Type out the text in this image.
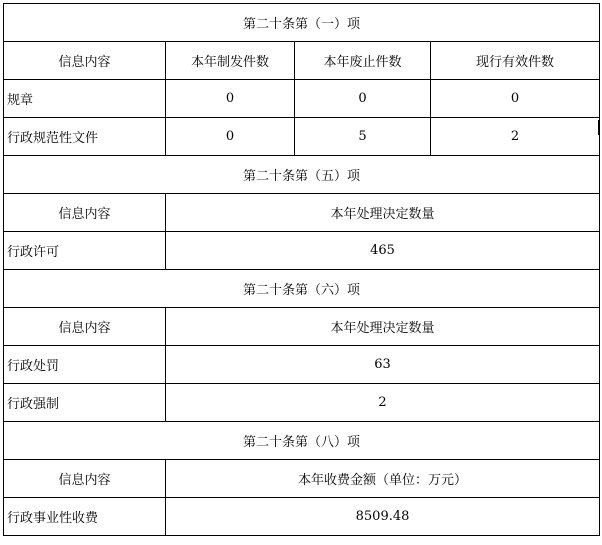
第二十条第（一）项			
信息内容	本年制发件数	本年废止件数	现行有效件数
规章	0	0	0
行政规范性文件	0	5	2
第二十条第（五）项			
信息内容	本年处理决定数量		
行政许可	465		
第二十条第（六）项			
信息内容	本年处理决定数量		
行政处罚	63		
行政强制	2		
第二十条第（八）项			
信息内容	本年收费金额（单位：万元）		
行政事业性收费	8509.48		
